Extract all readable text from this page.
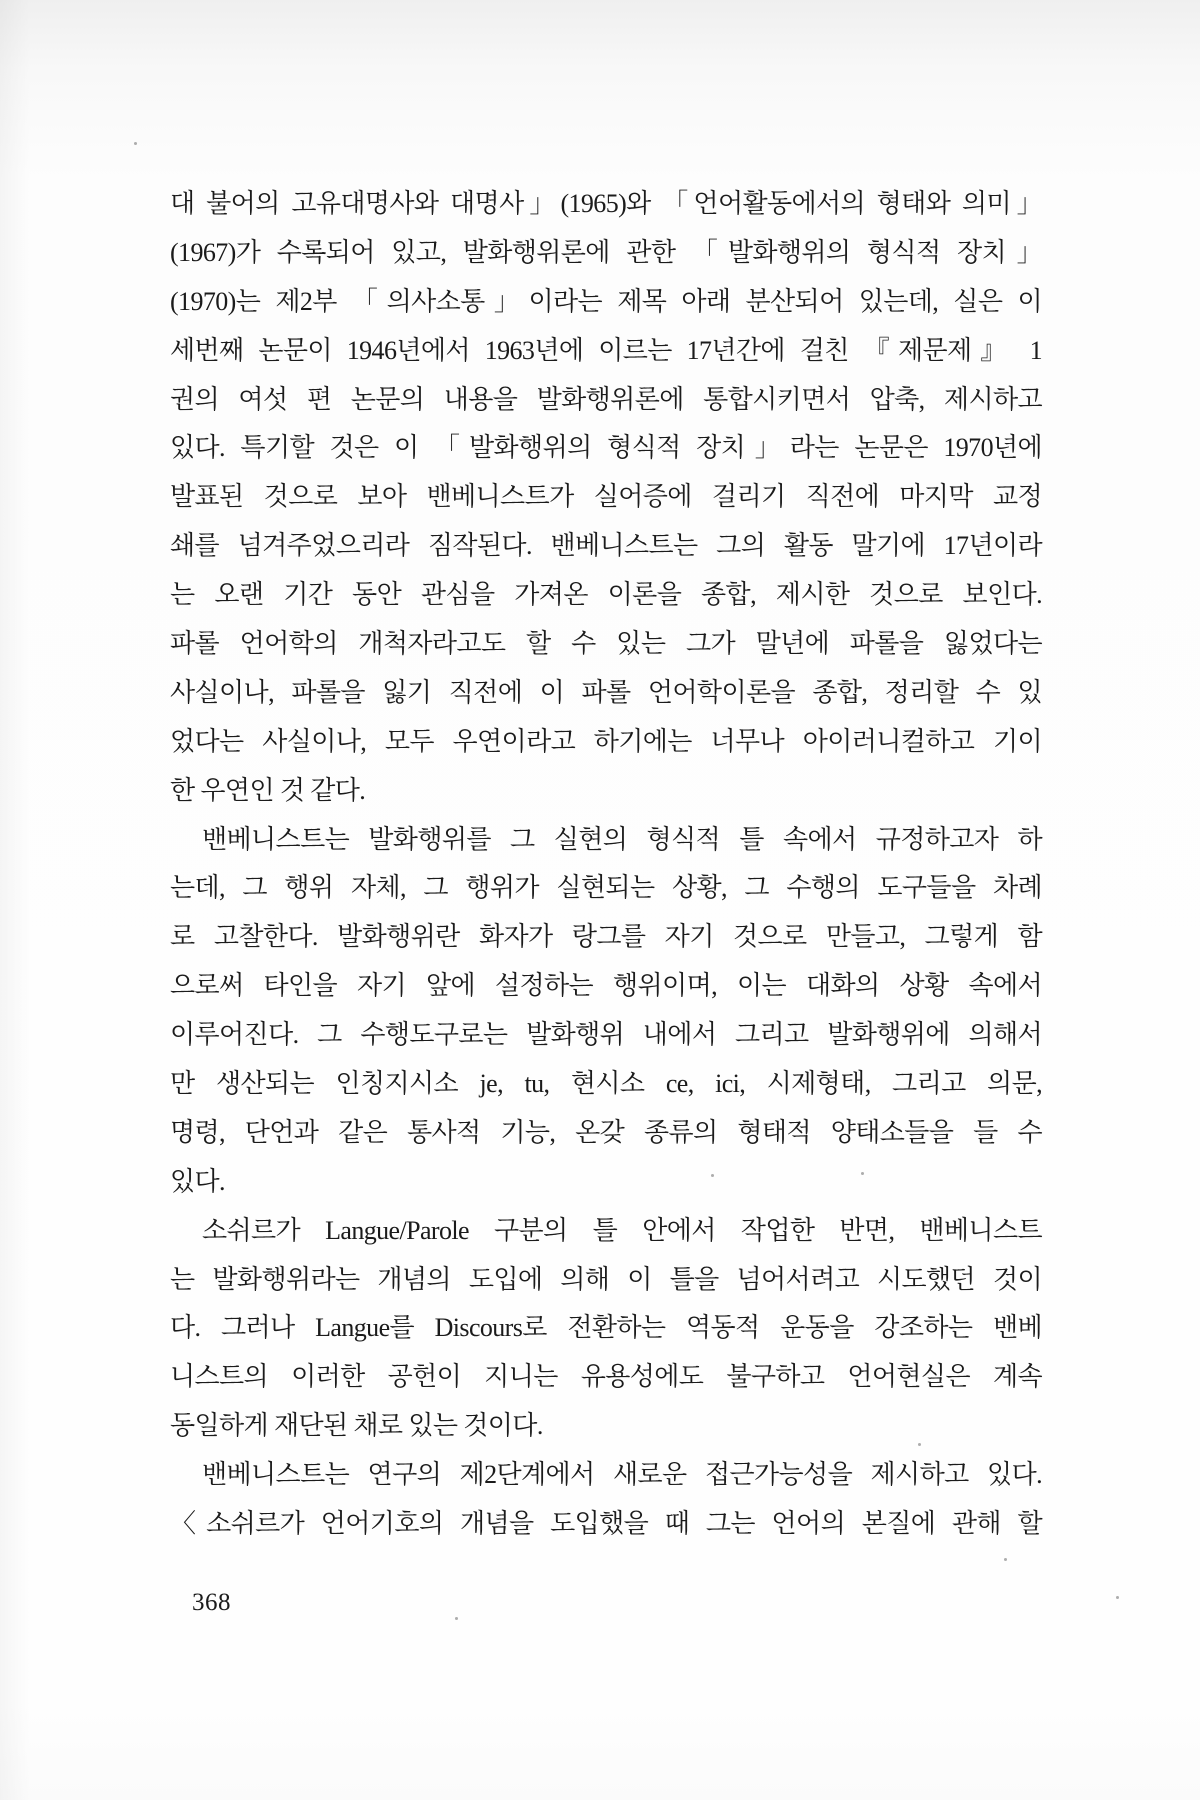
대 불어의 고유대명사와 대명사」(1965)와 「언어활동에서의 형태와 의미」
(1967)가 수록되어 있고, 발화행위론에 관한 「발화행위의 형식적 장치」
(1970)는 제2부 「의사소통」이라는 제목 아래 분산되어 있는데, 실은 이
세번째 논문이 1946년에서 1963년에 이르는 17년간에 걸친 『제문제』 1
권의 여섯 편 논문의 내용을 발화행위론에 통합시키면서 압축, 제시하고
있다. 특기할 것은 이 「발화행위의 형식적 장치」라는 논문은 1970년에
발표된 것으로 보아 밴베니스트가 실어증에 걸리기 직전에 마지막 교정
쇄를 넘겨주었으리라 짐작된다. 밴베니스트는 그의 활동 말기에 17년이라
는 오랜 기간 동안 관심을 가져온 이론을 종합, 제시한 것으로 보인다.
파롤 언어학의 개척자라고도 할 수 있는 그가 말년에 파롤을 잃었다는
사실이나, 파롤을 잃기 직전에 이 파롤 언어학이론을 종합, 정리할 수 있
었다는 사실이나, 모두 우연이라고 하기에는 너무나 아이러니컬하고 기이
한 우연인 것 같다.
밴베니스트는 발화행위를 그 실현의 형식적 틀 속에서 규정하고자 하
는데, 그 행위 자체, 그 행위가 실현되는 상황, 그 수행의 도구들을 차례
로 고찰한다. 발화행위란 화자가 랑그를 자기 것으로 만들고, 그렇게 함
으로써 타인을 자기 앞에 설정하는 행위이며, 이는 대화의 상황 속에서
이루어진다. 그 수행도구로는 발화행위 내에서 그리고 발화행위에 의해서
만 생산되는 인칭지시소 je, tu, 현시소 ce, ici, 시제형태, 그리고 의문,
명령, 단언과 같은 통사적 기능, 온갖 종류의 형태적 양태소들을 들 수
있다.
소쉬르가 Langue/Parole 구분의 틀 안에서 작업한 반면, 밴베니스트
는 발화행위라는 개념의 도입에 의해 이 틀을 넘어서려고 시도했던 것이
다. 그러나 Langue를 Discours로 전환하는 역동적 운동을 강조하는 밴베
니스트의 이러한 공헌이 지니는 유용성에도 불구하고 언어현실은 계속
동일하게 재단된 채로 있는 것이다.
밴베니스트는 연구의 제2단계에서 새로운 접근가능성을 제시하고 있다.
〈소쉬르가 언어기호의 개념을 도입했을 때 그는 언어의 본질에 관해 할
368
